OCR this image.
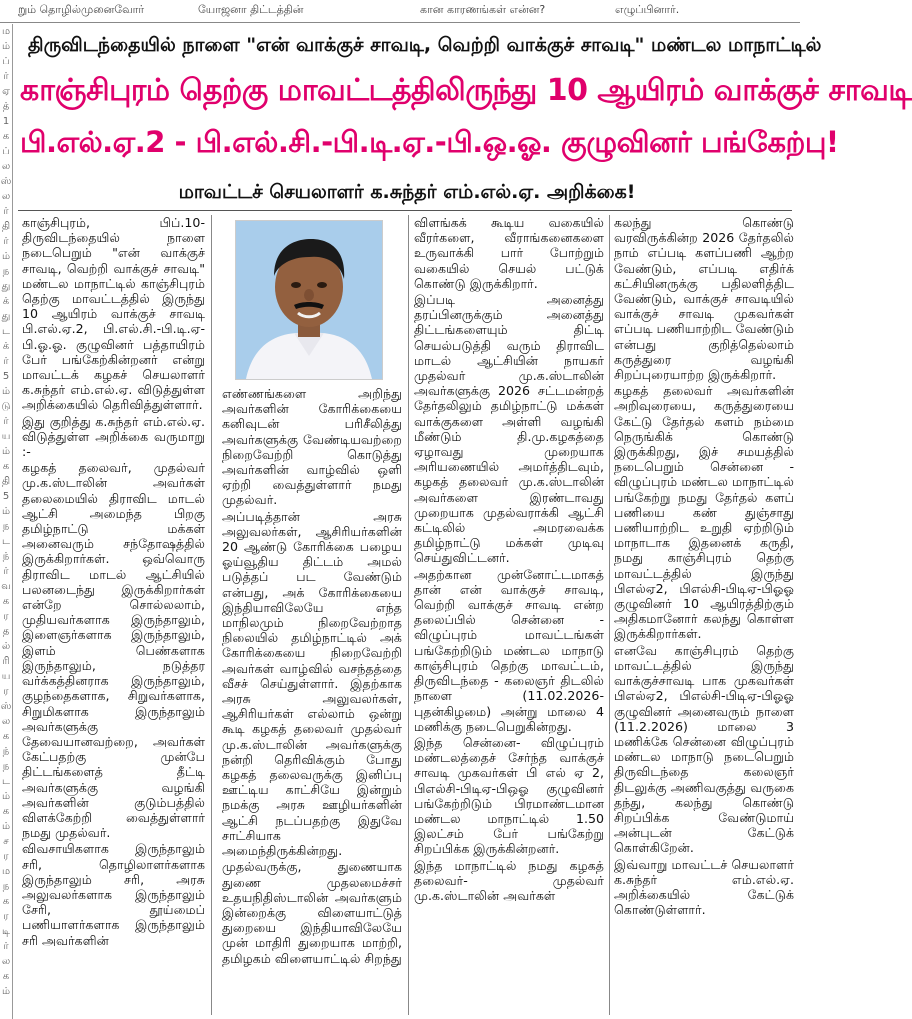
றும் தொழில்முனைவோர்	யோஜனா திட்டத்தின்	கான காரணங்கள் என்ன?	எழுப்பினார்.
ம
ம்
ப்
ர்
ஏ
த்
1
க
ப்
ல
ஸ்
ல
ர்
தி
ர்
ம்
ந
து
க்
து
ட
க்
ர்
5
ம்
டு
ர்
ய
ம்
க
தி
5
ம்
ந
ட
ந்
ர்
வ
க
ர
த
ல்
ரி
ய
ர
ஸ்
ல
க
ந்
ந
ட
ம்
க
ம்
ச
ர
ம
ந
க
ர
டி
ர்
ல
க
ம்
திருவிடந்தையில் நாளை "என் வாக்குச் சாவடி, வெற்றி வாக்குச் சாவடி" மண்டல மாநாட்டில்
காஞ்சிபுரம் தெற்கு மாவட்டத்திலிருந்து 10 ஆயிரம் வாக்குச் சாவடி
பி.எல்.ஏ.2 - பி.எல்.சி.-பி.டி.ஏ.-பி.ஒ.ஓ. குழுவினர் பங்கேற்பு!
மாவட்டச் செயலாளர் க.சுந்தர் எம்.எல்.ஏ. அறிக்கை!

காஞ்சிபுரம், பிப்.10- திருவிடந்தையில் நாளை நடைபெறும் "என் வாக்குச் சாவடி, வெற்றி வாக்குச் சாவடி" மண்டல மாநாட்டில் காஞ்சிபுரம் தெற்கு மாவட்டத்தில் இருந்து 10 ஆயிரம் வாக்குச் சாவடி பி.எல்.ஏ.2, பி.எல்.சி.-பி.டி.ஏ-பி.ஓ.ஓ. குழுவினர் பத்தாயிரம் பேர் பங்கேற்கின்றனர் என்று மாவட்டக் கழகச் செயலாளர் க.சுந்தர் எம்.எல்.ஏ. விடுத்துள்ள அறிக்கையில் தெரிவித்துள்ளார்.

இது குறித்து க.சுந்தர் எம்.எல்.ஏ. விடுத்துள்ள அறிக்கை வருமாறு :-

கழகத் தலைவர், முதல்வர் மு.க.ஸ்டாலின் அவர்கள் தலைமையில் திராவிட மாடல் ஆட்சி அமைந்த பிறகு தமிழ்நாட்டு மக்கள் அனைவரும் சந்தோஷத்தில் இருக்கிறார்கள். ஒவ்வொரு திராவிட மாடல் ஆட்சியில் பலனடைந்து இருக்கிறார்கள் என்றே சொல்லலாம், முதியவர்களாக இருந்தாலும், இளைஞர்களாக இருந்தாலும், இளம் பெண்களாக இருந்தாலும், நடுத்தர வர்க்கத்தினராக இருந்தாலும், குழந்தைகளாக, சிறுவர்களாக, சிறுமிகளாக இருந்தாலும் அவர்களுக்கு தேவையானவற்றை, அவர்கள் கேட்பதற்கு முன்பே திட்டங்களைத் தீட்டி அவர்களுக்கு வழங்கி அவர்களின் குடும்பத்தில் விளக்கேற்றி வைத்துள்ளார் நமது முதல்வர்.

விவசாயிகளாக இருந்தாலும் சரி, தொழிலாளர்களாக இருந்தாலும் சரி, அரசு அலுவலர்களாக இருந்தாலும் சேரி, தூய்மைப் பணியாளர்களாக இருந்தாலும் சரி அவர்களின்

எண்ணங்களை அறிந்து அவர்களின் கோரிக்கையை கனிவுடன் பரிசீலித்து அவர்களுக்கு வேண்டியவற்றை நிறைவேற்றி கொடுத்து அவர்களின் வாழ்வில் ஒளி ஏற்றி வைத்துள்ளார் நமது முதல்வர்.

அப்படித்தான் அரசு அலுவலர்கள், ஆசிரியர்களின் 20 ஆண்டு கோரிக்கை பழைய ஓய்வூதிய திட்டம் அமல் படுத்தப் பட வேண்டும் என்பது, அக் கோரிக்கையை இந்தியாவிலேயே எந்த மாநிலமும் நிறைவேற்றாத நிலையில் தமிழ்நாட்டில் அக் கோரிக்கையை நிறைவேற்றி அவர்கள் வாழ்வில் வசந்தத்தை வீசச் செய்துள்ளார். இதற்காக அரசு அலுவலர்கள், ஆசிரியர்கள் எல்லாம் ஒன்று கூடி கழகத் தலைவர் முதல்வர் மு.க.ஸ்டாலின் அவர்களுக்கு நன்றி தெரிவிக்கும் போது கழகத் தலைவருக்கு இனிப்பு ஊட்டிய காட்சியே இன்றும் நமக்கு அரசு ஊழியர்களின் ஆட்சி நடப்பதற்கு இதுவே சாட்சியாக அமைந்திருக்கின்றது.

முதல்வருக்கு, துணையாக துணை முதலமைச்சர் உதயநிதிஸ்டாலின் அவர்களும் இன்றைக்கு விளையாட்டுத் துறையை இந்தியாவிலேயே முன் மாதிரி துறையாக மாற்றி, தமிழகம் விளையாட்டில் சிறந்து

விளங்கக் கூடிய வகையில் வீரர்களை, வீராங்கனைகளை உருவாக்கி பார் போற்றும் வகையில் செயல் பட்டுக் கொண்டு இருக்கிறார்.

இப்படி அனைத்து தரப்பினருக்கும் அனைத்து திட்டங்களையும் திட்டி செயல்படுத்தி வரும் திராவிட மாடல் ஆட்சியின் நாயகர் முதல்வர் மு.க.ஸ்டாலின் அவர்களுக்கு 2026 சட்டமன்றத் தேர்தலிலும் தமிழ்நாட்டு மக்கள் வாக்குகளை அள்ளி வழங்கி மீண்டும் தி.மு.கழகத்தை ஏழாவது முறையாக அரியணையில் அமர்த்திடவும், கழகத் தலைவர் மு.க.ஸ்டாலின் அவர்களை இரண்டாவது முறையாக முதல்வராக்கி ஆட்சி கட்டிலில் அமரவைக்க தமிழ்நாட்டு மக்கள் முடிவு செய்துவிட்டனர்.

அதற்கான முன்னோட்டமாகத் தான் என் வாக்குச் சாவடி, வெற்றி வாக்குச் சாவடி என்ற தலைப்பில் சென்னை - விழுப்புரம் மாவட்டங்கள் பங்கேற்றிடும் மண்டல மாநாடு காஞ்சிபுரம் தெற்கு மாவட்டம், திருவிடந்தை - கலைஞர் திடலில் நாளை (11.02.2026-புதன்கிழமை) அன்று மாலை 4 மணிக்கு நடைபெறுகின்றது.

இந்த சென்னை- விழுப்புரம் மண்டலத்தைச் சேர்ந்த வாக்குச் சாவடி முகவர்கள் பி எல் ஏ 2, பிஎல்சி-பிடிஏ-பிஒஓ குழுவினர் பங்கேற்றிடும் பிரமாண்டமான மண்டல மாநாட்டில் 1.50 இலட்சம் பேர் பங்கேற்று சிறப்பிக்க இருக்கின்றனர்.

இந்த மாநாட்டில் நமது கழகத் தலைவர்- முதல்வர் மு.க.ஸ்டாலின் அவர்கள்

கலந்து கொண்டு வரவிருக்கின்ற 2026 தேர்தலில் நாம் எப்படி களப்பணி ஆற்ற வேண்டும், எப்படி எதிர்க் கட்சியினருக்கு பதிலளித்திட வேண்டும், வாக்குச் சாவடியில் வாக்குச் சாவடி முகவர்கள் எப்படி பணியாற்றிட வேண்டும் என்பது குறித்தெல்லாம் கருத்துரை வழங்கி சிறப்புரையாற்ற இருக்கிறார்.

கழகத் தலைவர் அவர்களின் அறிவுரையை, கருத்துரையை கேட்டு தேர்தல் களம் நம்மை நெருங்கிக் கொண்டு இருக்கிறது, இச் சமயத்தில் நடைபெறும் சென்னை - விழுப்புரம் மண்டல மாநாட்டில் பங்கேற்று நமது தேர்தல் களப் பணியை கண் துஞ்சாது பணியாற்றிட உறுதி ஏற்றிடும் மாநாடாக இதனைக் கருதி, நமது காஞ்சிபுரம் தெற்கு மாவட்டத்தில் இருந்து பிஎல்ஏ2, பிஎல்சி-பிடிஏ-பிஓஓ குழுவினர் 10 ஆயிரத்திற்கும் அதிகமானோர் கலந்து கொள்ள இருக்கிறார்கள்.

எனவே காஞ்சிபுரம் தெற்கு மாவட்டத்தில் இருந்து வாக்குச்சாவடி பாக முகவர்கள் பிஎல்ஏ2, பிஎல்சி-பிடிஏ-பிஓஓ குழுவினர் அனைவரும் நாளை (11.2.2026) மாலை 3 மணிக்கே சென்னை விழுப்புரம் மண்டல மாநாடு நடைபெறும் திருவிடந்தை கலைஞர் திடலுக்கு அணிவகுத்து வருகை தந்து, கலந்து கொண்டு சிறப்பிக்க வேண்டுமாய் அன்புடன் கேட்டுக் கொள்கிறேன்.

இவ்வாறு மாவட்டச் செயலாளர் க.சுந்தர் எம்.எல்.ஏ. அறிக்கையில் கேட்டுக் கொண்டுள்ளார்.
